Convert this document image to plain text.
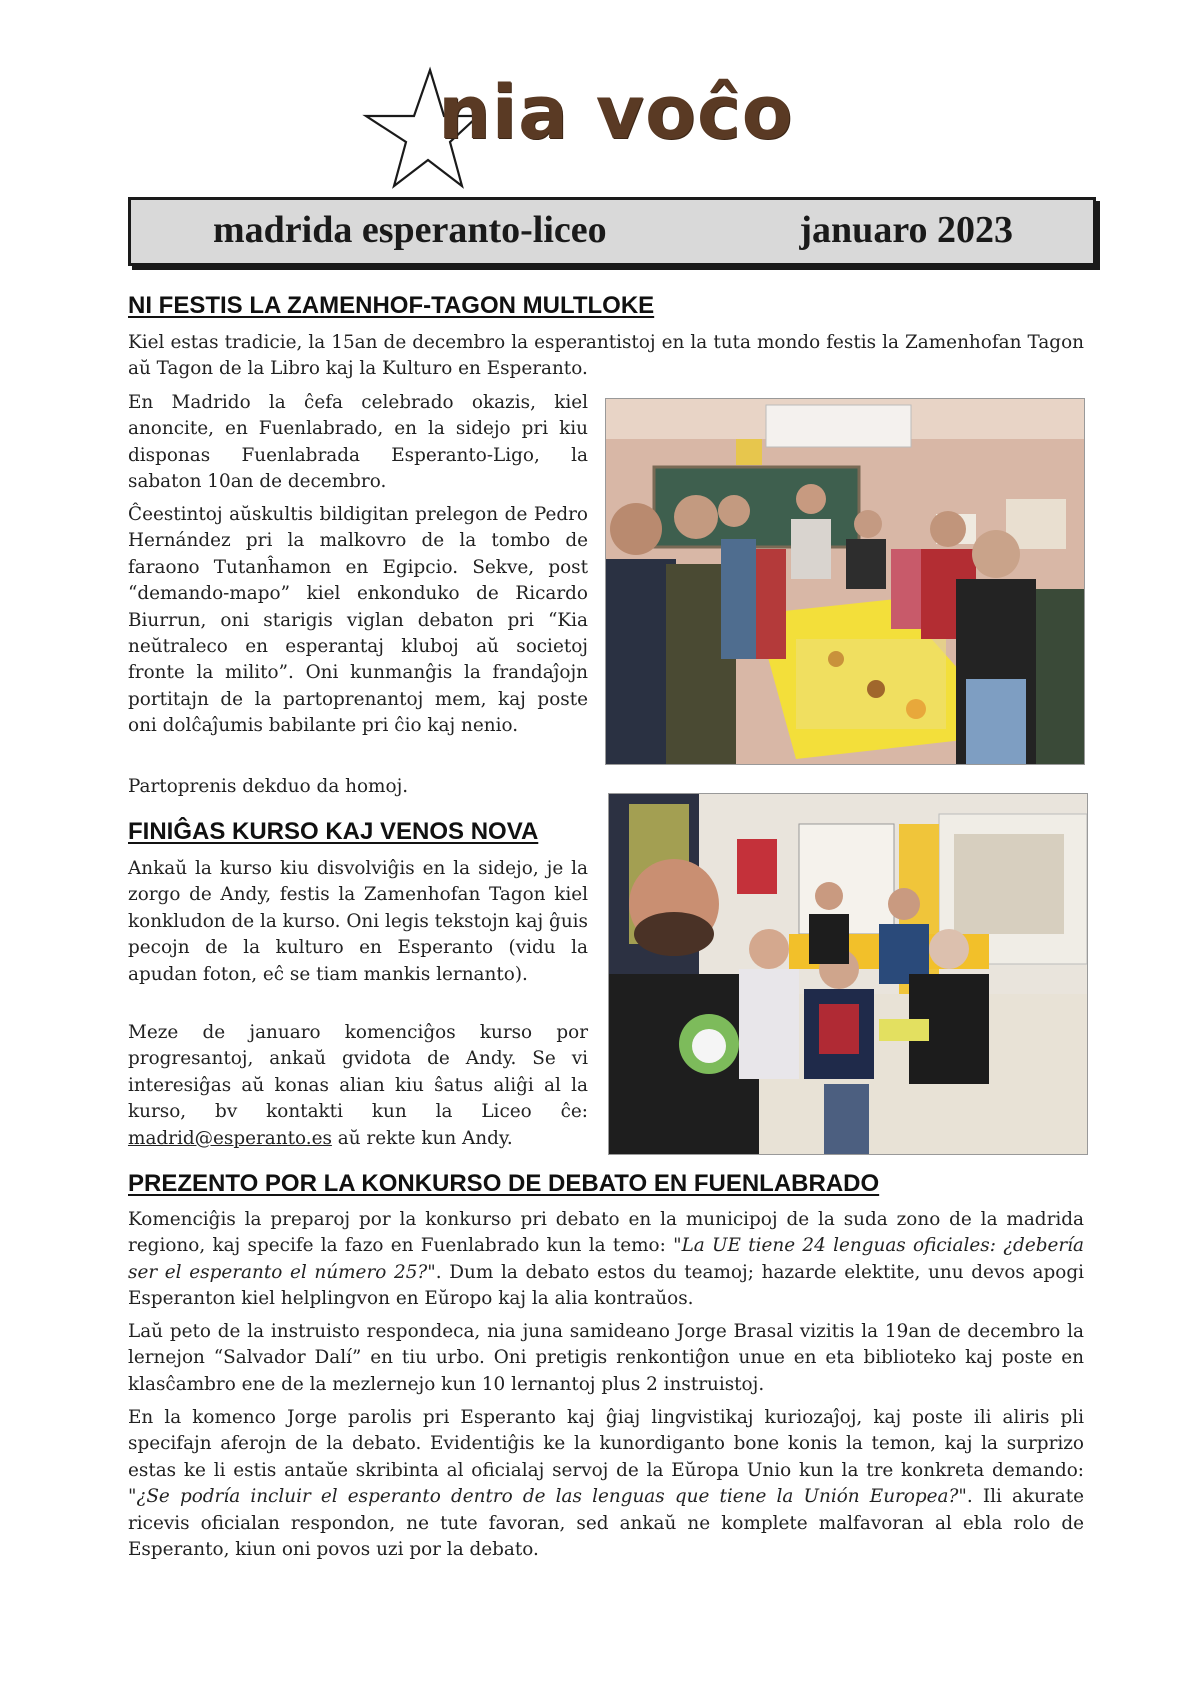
nia voĉo
madrida esperanto-liceo	januaro 2023
NI FESTIS LA ZAMENHOF-TAGON MULTLOKE

Kiel estas tradicie, la 15an de decembro la esperantistoj en la tuta mondo festis la Zamenhofan Tagon aŭ Tagon de la Libro kaj la Kulturo en Esperanto.

En Madrido la ĉefa celebrado okazis, kiel anoncite, en Fuenlabrado, en la sidejo pri kiu disponas Fuenlabrada Esperanto-Ligo, la sabaton 10an de decembro.

Ĉeestintoj aŭskultis bildigitan prelegon de Pedro Hernández pri la malkovro de la tombo de faraono Tutanĥamon en Egipcio. Sekve, post “demando-mapo” kiel enkonduko de Ricardo Biurrun, oni starigis viglan debaton pri “Kia neŭtraleco en esperantaj kluboj aŭ societoj fronte la milito”. Oni kunmanĝis la frandaĵojn portitajn de la partoprenantoj mem, kaj poste oni dolĉaĵumis babilante pri ĉio kaj nenio.

Partoprenis dekduo da homoj.

FINIĜAS KURSO KAJ VENOS NOVA

Ankaŭ la kurso kiu disvolviĝis en la sidejo, je la zorgo de Andy, festis la Zamenhofan Tagon kiel konkludon de la kurso. Oni legis tekstojn kaj ĝuis pecojn de la kulturo en Esperanto (vidu la apudan foton, eĉ se tiam mankis lernanto).

Meze de januaro komenciĝos kurso por progresantoj, ankaŭ gvidota de Andy. Se vi interesiĝas aŭ konas alian kiu ŝatus aliĝi al la kurso, bv kontakti kun la Liceo ĉe: madrid@esperanto.es aŭ rekte kun Andy.

PREZENTO POR LA KONKURSO DE DEBATO EN FUENLABRADO

Komenciĝis la preparoj por la konkurso pri debato en la municipoj de la suda zono de la madrida regiono, kaj specife la fazo en Fuenlabrado kun la temo: "La UE tiene 24 lenguas oficiales: ¿debería ser el esperanto el número 25?". Dum la debato estos du teamoj; hazarde elektite, unu devos apogi Esperanton kiel helplingvon en Eŭropo kaj la alia kontraŭos.

Laŭ peto de la instruisto respondeca, nia juna samideano Jorge Brasal vizitis la 19an de decembro la lernejon “Salvador Dalí” en tiu urbo. Oni pretigis renkontiĝon unue en eta biblioteko kaj poste en klasĉambro ene de la mezlernejo kun 10 lernantoj plus 2 instruistoj.

En la komenco Jorge parolis pri Esperanto kaj ĝiaj lingvistikaj kuriozaĵoj, kaj poste ili aliris pli specifajn aferojn de la debato. Evidentiĝis ke la kunordiganto bone konis la temon, kaj la surprizo estas ke li estis antaŭe skribinta al oficialaj servoj de la Eŭropa Unio kun la tre konkreta demando: "¿Se podría incluir el esperanto dentro de las lenguas que tiene la Unión Europea?". Ili akurate ricevis oficialan respondon, ne tute favoran, sed ankaŭ ne komplete malfavoran al ebla rolo de Esperanto, kiun oni povos uzi por la debato.
